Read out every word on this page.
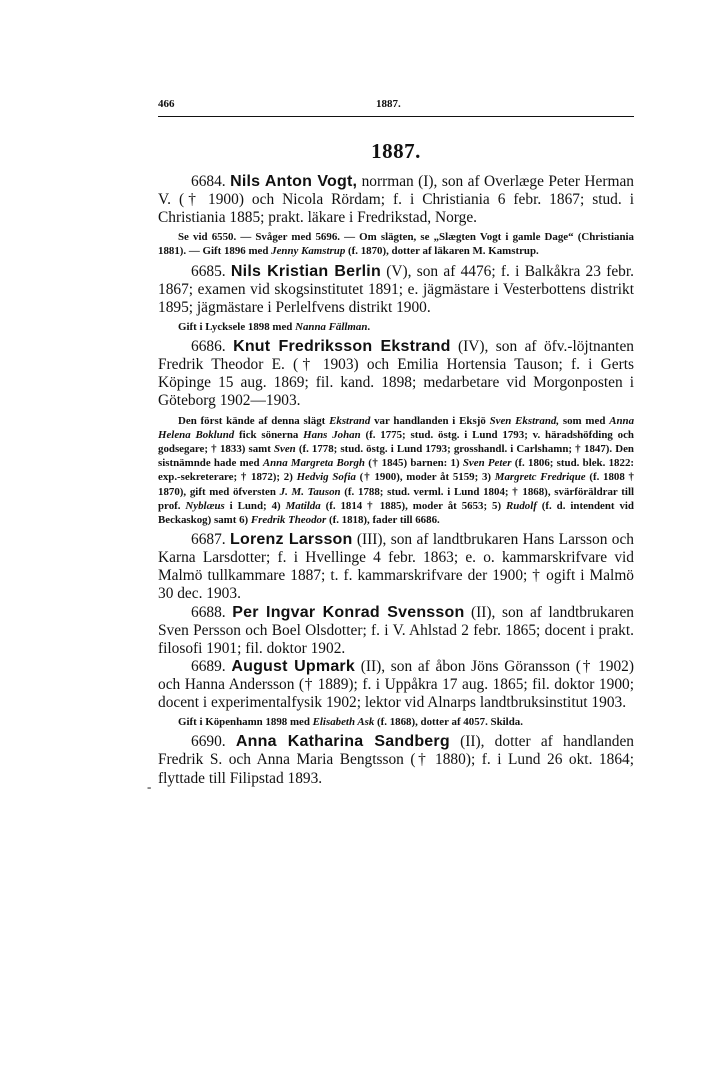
466	1887.
1887.

6684. Nils Anton Vogt, norrman (I), son af Overlæge Peter Herman V. († 1900) och Nicola Rördam; f. i Christiania 6 febr. 1867; stud. i Christiania 1885; prakt. läkare i Fredrikstad, Norge.

Se vid 6550. — Svåger med 5696. — Om slägten, se „Slægten Vogt i gamle Dage“ (Christiania 1881). — Gift 1896 med Jenny Kamstrup (f. 1870), dotter af läkaren M. Kamstrup.

6685. Nils Kristian Berlin (V), son af 4476; f. i Balkåkra 23 febr. 1867; examen vid skogsinstitutet 1891; e. jägmästare i Vesterbottens distrikt 1895; jägmästare i Perlelfvens distrikt 1900.

Gift i Lycksele 1898 med Nanna Fällman.

6686. Knut Fredriksson Ekstrand (IV), son af öfv.-löjtnanten Fredrik Theodor E. († 1903) och Emilia Hortensia Tauson; f. i Gerts Köpinge 15 aug. 1869; fil. kand. 1898; medarbetare vid Morgonposten i Göteborg 1902—1903.

Den först kände af denna slägt Ekstrand var handlanden i Eksjö Sven Ekstrand, som med Anna Helena Boklund fick sönerna Hans Johan (f. 1775; stud. östg. i Lund 1793; v. häradshöfding och godsegare; † 1833) samt Sven (f. 1778; stud. östg. i Lund 1793; grosshandl. i Carlshamn; † 1847). Den sistnämnde hade med Anna Margreta Borgh († 1845) barnen: 1) Sven Peter (f. 1806; stud. blek. 1822: exp.-sekreterare; † 1872); 2) Hedvig Sofia († 1900), moder åt 5159; 3) Margretc Fredrique (f. 1808 † 1870), gift med öfversten J. M. Tauson (f. 1788; stud. verml. i Lund 1804; † 1868), svärföräldrar till prof. Nyblæus i Lund; 4) Matilda (f. 1814 † 1885), moder åt 5653; 5) Rudolf (f. d. intendent vid Beckaskog) samt 6) Fredrik Theodor (f. 1818), fader till 6686.

6687. Lorenz Larsson (III), son af landtbrukaren Hans Larsson och Karna Larsdotter; f. i Hvellinge 4 febr. 1863; e. o. kammarskrifvare vid Malmö tullkammare 1887; t. f. kammarskrifvare der 1900; † ogift i Malmö 30 dec. 1903.

6688. Per Ingvar Konrad Svensson (II), son af landtbrukaren Sven Persson och Boel Olsdotter; f. i V. Ahlstad 2 febr. 1865; docent i prakt. filosofi 1901; fil. doktor 1902.

6689. August Upmark (II), son af åbon Jöns Göransson († 1902) och Hanna Andersson († 1889); f. i Uppåkra 17 aug. 1865; fil. doktor 1900; docent i experimentalfysik 1902; lektor vid Alnarps landtbruksinstitut 1903.

Gift i Köpenhamn 1898 med Elisabeth Ask (f. 1868), dotter af 4057. Skilda.

6690. Anna Katharina Sandberg (II), dotter af handlanden Fredrik S. och Anna Maria Bengtsson († 1880); f. i Lund 26 okt. 1864; flyttade till Filipstad 1893.

-
